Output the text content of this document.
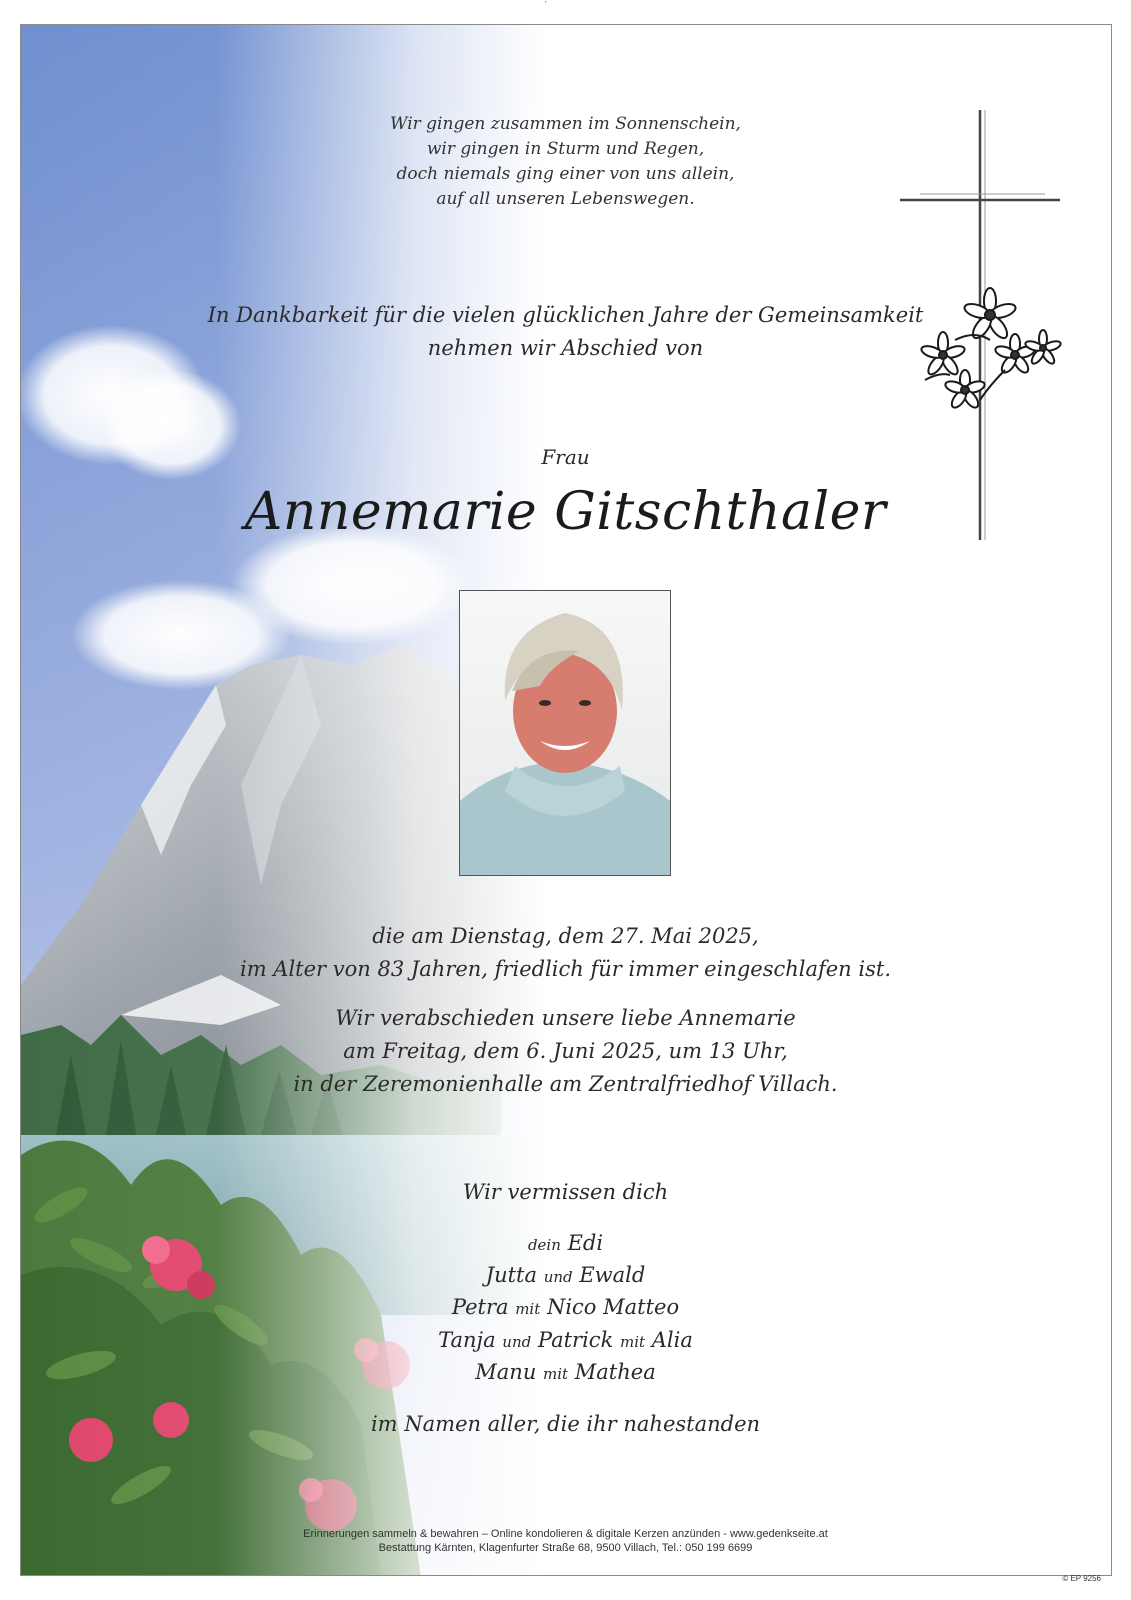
'
Wir gingen zusammen im Sonnenschein,
wir gingen in Sturm und Regen,
doch niemals ging einer von uns allein,
auf all unseren Lebenswegen.
In Dankbarkeit für die vielen glücklichen Jahre der Gemeinsamkeit
nehmen wir Abschied von
Frau
Annemarie Gitschthaler
die am Dienstag, dem 27. Mai 2025,
im Alter von 83 Jahren, friedlich für immer eingeschlafen ist.
Wir verabschieden unsere liebe Annemarie
am Freitag, dem 6. Juni 2025, um 13 Uhr,
in der Zeremonienhalle am Zentralfriedhof Villach.
Wir vermissen dich
dein Edi
Jutta und Ewald
Petra mit Nico Matteo
Tanja und Patrick mit Alia
Manu mit Mathea
im Namen aller, die ihr nahestanden
Erinnerungen sammeln & bewahren – Online kondolieren & digitale Kerzen anzünden - www.gedenkseite.at
Bestattung Kärnten, Klagenfurter Straße 68, 9500 Villach, Tel.: 050 199 6699
© EP 9256
